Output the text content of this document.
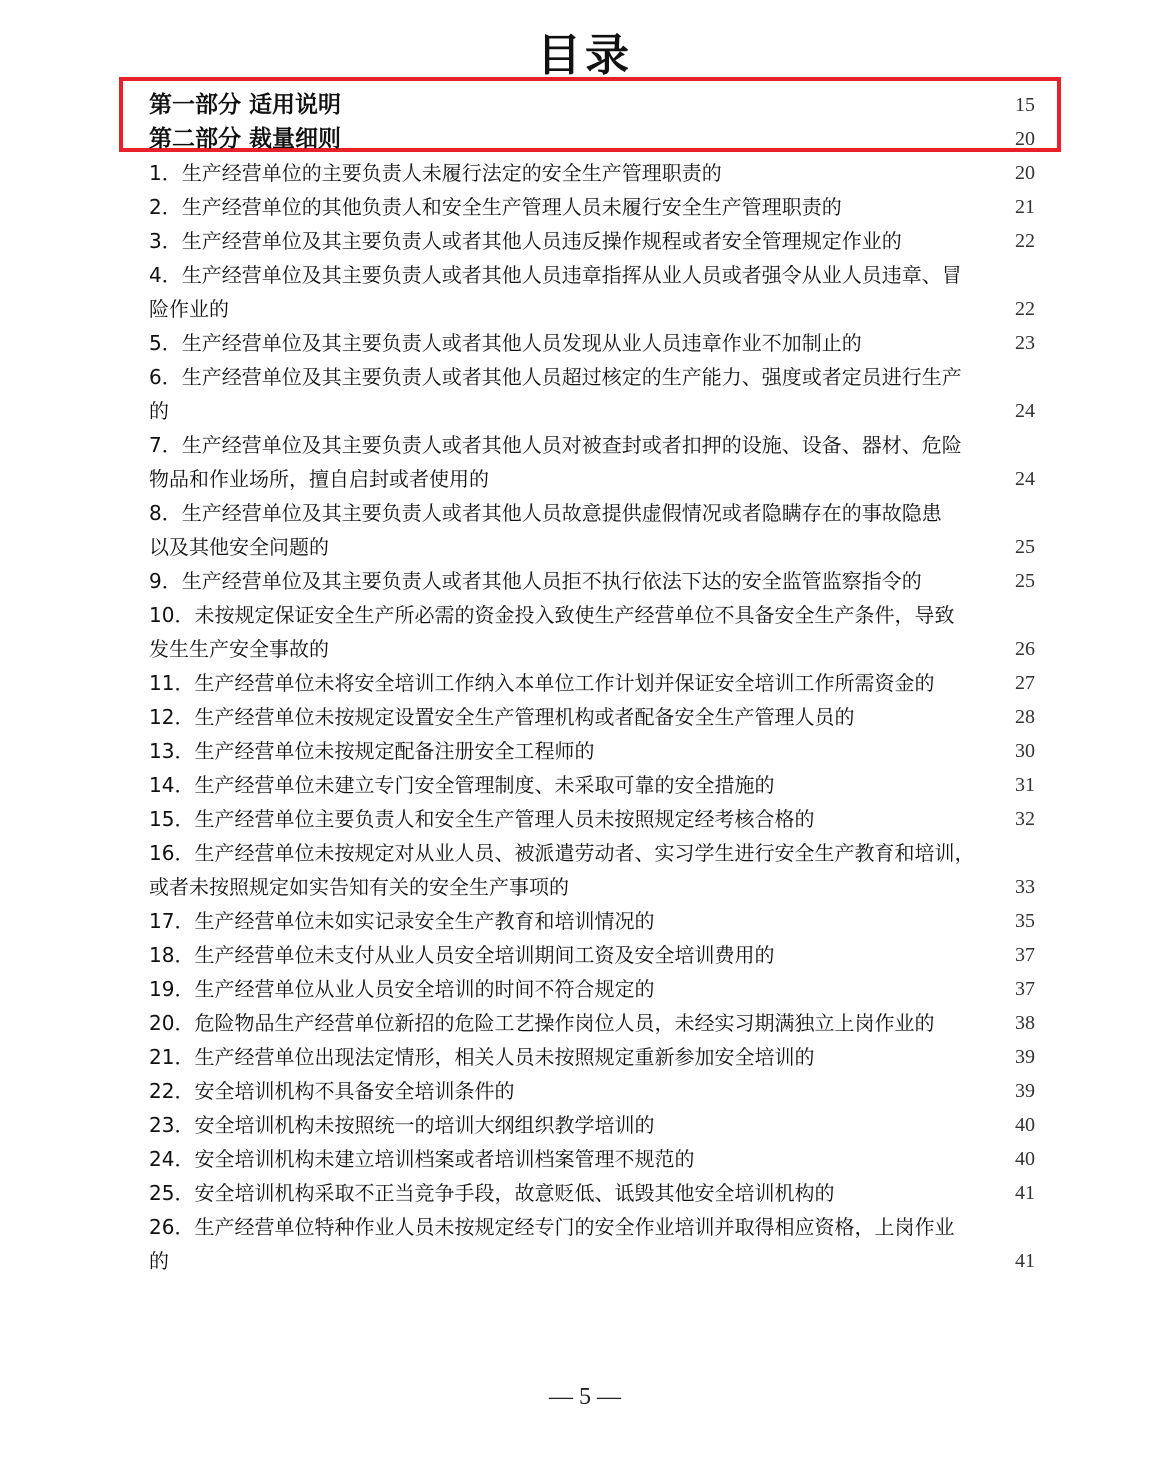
目录
第一部分 适用说明	15
第二部分 裁量细则	20
1．生产经营单位的主要负责人未履行法定的安全生产管理职责的	20
2．生产经营单位的其他负责人和安全生产管理人员未履行安全生产管理职责的	21
3．生产经营单位及其主要负责人或者其他人员违反操作规程或者安全管理规定作业的	22
4．生产经营单位及其主要负责人或者其他人员违章指挥从业人员或者强令从业人员违章、冒
险作业的	22
5．生产经营单位及其主要负责人或者其他人员发现从业人员违章作业不加制止的	23
6．生产经营单位及其主要负责人或者其他人员超过核定的生产能力、强度或者定员进行生产
的	24
7．生产经营单位及其主要负责人或者其他人员对被查封或者扣押的设施、设备、器材、危险
物品和作业场所，擅自启封或者使用的	24
8．生产经营单位及其主要负责人或者其他人员故意提供虚假情况或者隐瞒存在的事故隐患
以及其他安全问题的	25
9．生产经营单位及其主要负责人或者其他人员拒不执行依法下达的安全监管监察指令的	25
10．未按规定保证安全生产所必需的资金投入致使生产经营单位不具备安全生产条件，导致
发生生产安全事故的	26
11．生产经营单位未将安全培训工作纳入本单位工作计划并保证安全培训工作所需资金的	27
12．生产经营单位未按规定设置安全生产管理机构或者配备安全生产管理人员的	28
13．生产经营单位未按规定配备注册安全工程师的	30
14．生产经营单位未建立专门安全管理制度、未采取可靠的安全措施的	31
15．生产经营单位主要负责人和安全生产管理人员未按照规定经考核合格的	32
16．生产经营单位未按规定对从业人员、被派遣劳动者、实习学生进行安全生产教育和培训，
或者未按照规定如实告知有关的安全生产事项的	33
17．生产经营单位未如实记录安全生产教育和培训情况的	35
18．生产经营单位未支付从业人员安全培训期间工资及安全培训费用的	37
19．生产经营单位从业人员安全培训的时间不符合规定的	37
20．危险物品生产经营单位新招的危险工艺操作岗位人员，未经实习期满独立上岗作业的	38
21．生产经营单位出现法定情形，相关人员未按照规定重新参加安全培训的	39
22．安全培训机构不具备安全培训条件的	39
23．安全培训机构未按照统一的培训大纲组织教学培训的	40
24．安全培训机构未建立培训档案或者培训档案管理不规范的	40
25．安全培训机构采取不正当竞争手段，故意贬低、诋毁其他安全培训机构的	41
26．生产经营单位特种作业人员未按规定经专门的安全作业培训并取得相应资格，上岗作业
的	41
— 5 —
